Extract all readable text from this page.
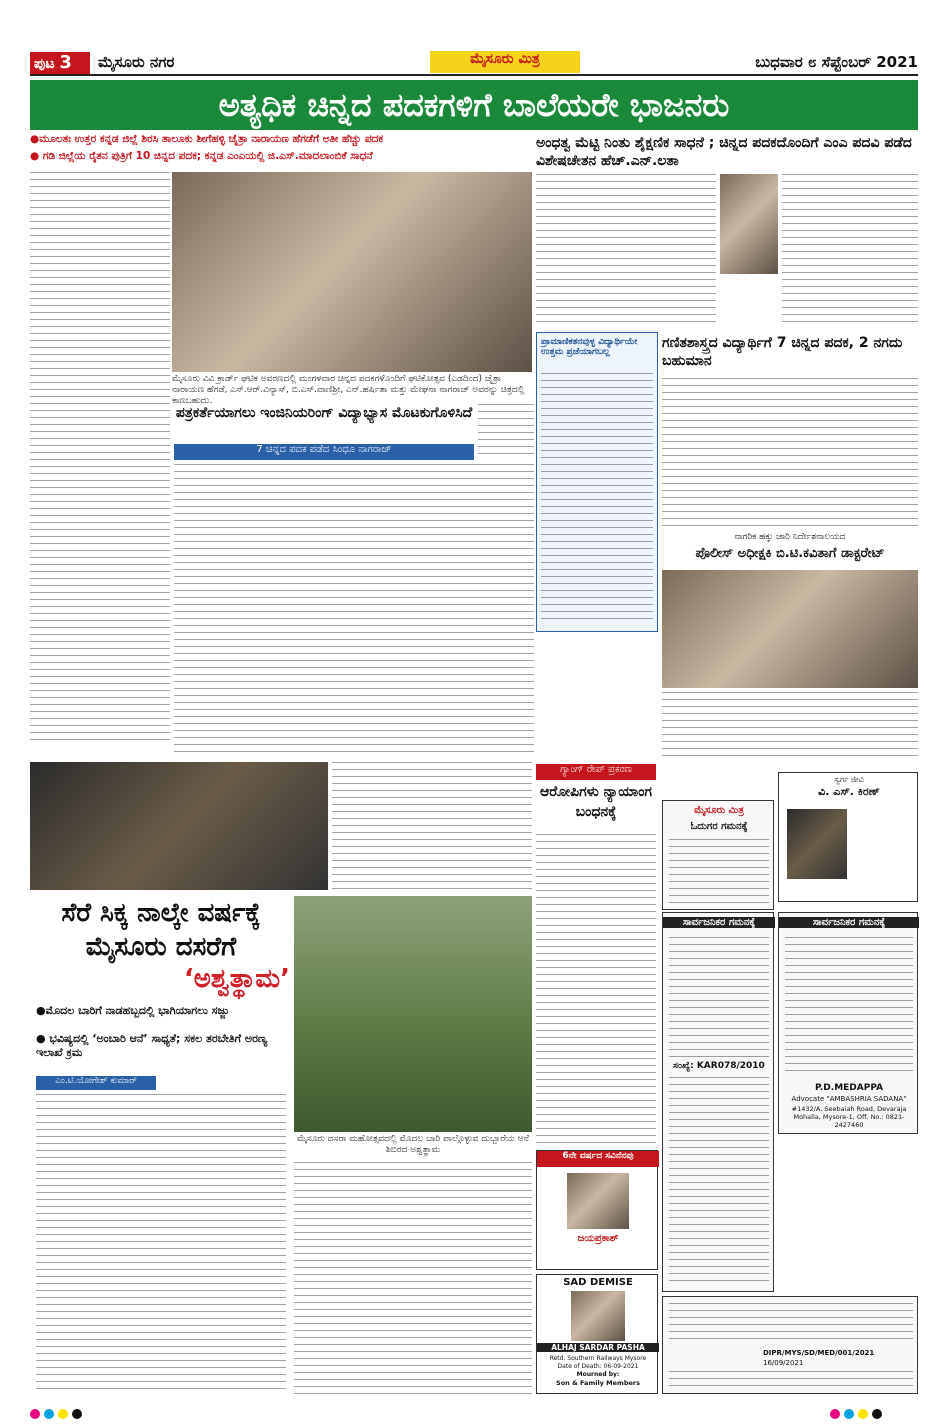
ಪುಟ 3	ಮೈಸೂರು ನಗರ	ಮೈಸೂರು ಮಿತ್ರ	ಬುಧವಾರ ೮ ಸೆಪ್ಟೆಂಬರ್ 2021
ಅತ್ಯಧಿಕ ಚಿನ್ನದ ಪದಕಗಳಿಗೆ ಬಾಲೆಯರೇ ಭಾಜನರು
●ಮೂಲತಃ ಉತ್ತರ ಕನ್ನಡ ಜಿಲ್ಲೆ ಶಿರಸಿ ತಾಲೂಕು ಶೀಗೆಹಳ್ಳಿ ಚೈತ್ರಾ ನಾರಾಯಣ ಹೆಗಡೆಗೆ ಅತೀ ಹೆಚ್ಚು ಪದಕ
● ಗಡಿ ಜಿಲ್ಲೆಯ ರೈತನ ಪುತ್ರಿಗೆ 10 ಚಿನ್ನದ ಪದಕ; ಕನ್ನಡ ಎಂಎಯಲ್ಲಿ ಜಿ.ಎಸ್.ಮಾದಲಾಂಬಿಕೆ ಸಾಧನೆ
ಮೈಸೂರು ವಿವಿ ಕ್ರಾರ್ಡ್ ಘಟಿಕ ಅವರಣದಲ್ಲಿ ಮಂಗಳವಾರ ಚಿನ್ನದ ಪದಕಗಳೊಂದಿಗೆ ಘಟಿಕೋತ್ಸವ (ಎಡದಿಂದ) ಚೈತ್ರಾ ನಾರಾಯಣ ಹೆಗಡೆ, ಎಸ್.ಆರ್.ವಿನ್ಯಾಸ್, ಬಿ.ಎಸ್.ವಾಣಿಶ್ರೀ, ಎನ್.ಹರ್ಷಿತಾ ಮತ್ತು ಮೇಘನಾ ನಾಗರಾಜ್ ಅವರನ್ನು ಚಿತ್ರದಲ್ಲಿ ಕಾಣಬಹುದು.
ಅಂಧತ್ವ ಮೆಟ್ಟಿ ನಿಂತು ಶೈಕ್ಷಣಿಕ ಸಾಧನೆ ; ಚಿನ್ನದ ಪದಕದೊಂದಿಗೆ ಎಂಎ ಪದವಿ ಪಡೆದ ವಿಶೇಷಚೇತನ ಹೆಚ್.ಎನ್.ಲತಾ
ಪ್ರಾಮಾಣಿಕತನವುಳ್ಳ ವಿದ್ಯಾರ್ಥಿಯೇ ಉತ್ತಮ ಪ್ರಜೆಯಾಗಬಲ್ಲ
ಗಣಿತಶಾಸ್ತ್ರದ ವಿದ್ಯಾರ್ಥಿಗೆ 7 ಚಿನ್ನದ ಪದಕ, 2 ನಗದು ಬಹುಮಾನ
ಪತ್ರಕರ್ತೆಯಾಗಲು ಇಂಜಿನಿಯರಿಂಗ್ ವಿದ್ಯಾಭ್ಯಾಸ ಮೊಟಕುಗೊಳಿಸಿದೆ
7 ಚಿನ್ನದ ಪದಕ ಪಡೆದ ಸಿಂಧೂ ನಾಗರಾಜ್
ನಾಗರಿಕ ಹಕ್ಕು ಜಾರಿ ನಿರ್ದೇಶನಾಲಯದ
ಪೊಲೀಸ್ ಅಧೀಕ್ಷಕಿ ಬಿ.ಟಿ.ಕವಿತಾಗೆ ಡಾಕ್ಟರೇಟ್
ಗ್ಯಾಂಗ್ ರೇಪ್ ಪ್ರಕರಣ
ಆರೋಪಿಗಳು ನ್ಯಾಯಾಂಗ ಬಂಧನಕ್ಕೆ
ಸ್ವರ್ಗ ಜೀವಿ
ವಿ. ಎಸ್. ಕಿರಣ್
ಮೈಸೂರು ಮಿತ್ರ
ಓದುಗರ ಗಮನಕ್ಕೆ
ಸೆರೆ ಸಿಕ್ಕ ನಾಲ್ಕೇ ವರ್ಷಕ್ಕೆ ಮೈಸೂರು ದಸರೆಗೆ
‘ಅಶ್ವತ್ಥಾಮ’
●ಮೊದಲ ಬಾರಿಗೆ ನಾಡಹಬ್ಬದಲ್ಲಿ ಭಾಗಿಯಾಗಲು ಸಜ್ಜು
● ಭವಿಷ್ಯದಲ್ಲಿ ‘ಅಂಬಾರಿ ಆನೆ’ ಸಾಧ್ಯತೆ; ಸಕಲ ತರಬೇತಿಗೆ ಅರಣ್ಯ ಇಲಾಖೆ ಕ್ರಮ
ಎಂ.ಟಿ.ಯೋಗೇಶ್ ಕುಮಾರ್
ಮೈಸೂರು ದಸರಾ ಮಹೋತ್ಸವದಲ್ಲಿ ಮೊದಲ ಬಾರಿ ಪಾಲ್ಗೊಳ್ಳುವ ದುಬ್ಬಾರೆಯ ಆನೆ ಶಿಬಿರದ ಅಶ್ವತ್ಥಾಮ
ಸಾರ್ವಜನಿಕರ ಗಮನಕ್ಕೆ
ಸಂಖ್ಯೆ: KAR078/2010
ಸಾರ್ವಜನಿಕರ ಗಮನಕ್ಕೆ
P.D.MEDAPPA
Advocate "AMBASHRIA SADANA"
#1432/A, Seebaiah Road, Devaraja Mohalla, Mysore-1, Off. No.: 0821-2427460
6ನೇ ವರ್ಷದ ಸವಿನೆನಪು
ಜಯಪ್ರಕಾಶ್
SAD DEMISE
ALHAJ SARDAR PASHA
Retd. Southern Railways Mysore
Date of Death: 06-09-2021
Mourned by:
Son & Family Members
DIPR/MYS/SD/MED/001/2021
16/09/2021
